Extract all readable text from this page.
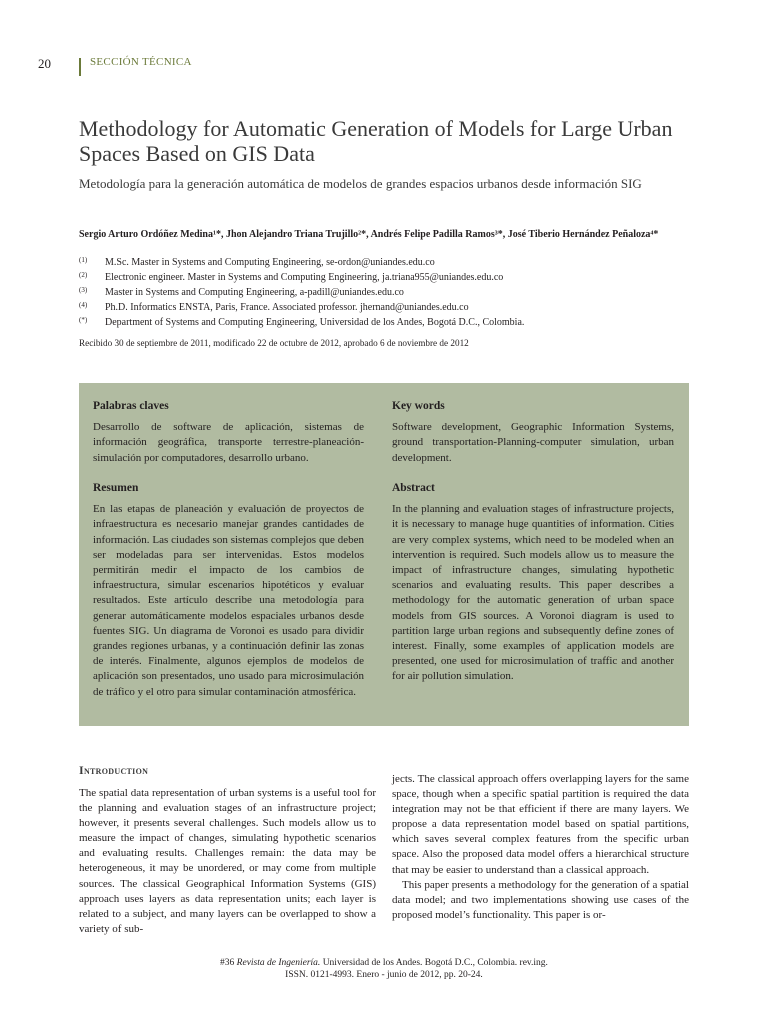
20	SECCIÓN TÉCNICA
Methodology for Automatic Generation of Models for Large Urban Spaces Based on GIS Data

Metodología para la generación automática de modelos de grandes espacios urbanos desde información SIG

Sergio Arturo Ordóñez Medina¹*, Jhon Alejandro Triana Trujillo²*, Andrés Felipe Padilla Ramos³*, José Tiberio Hernández Peñaloza⁴*

(1)	M.Sc. Master in Systems and Computing Engineering, se-ordon@uniandes.edu.co
(2)	Electronic engineer. Master in Systems and Computing Engineering, ja.triana955@uniandes.edu.co
(3)	Master in Systems and Computing Engineering, a-padill@uniandes.edu.co
(4)	Ph.D. Informatics ENSTA, Paris, France. Associated professor. jhernand@uniandes.edu.co
(*)	Department of Systems and Computing Engineering, Universidad de los Andes, Bogotá D.C., Colombia.
Recibido 30 de septiembre de 2011, modificado 22 de octubre de 2012, aprobado 6 de noviembre de 2012
Palabras claves

Desarrollo de software de aplicación, sistemas de información geográfica, transporte terrestre-planeación-simulación por computadores, desarrollo urbano.

Key words

Software development, Geographic Information Systems, ground transportation-Planning-computer simulation, urban development.

Resumen

En las etapas de planeación y evaluación de proyectos de infraestructura es necesario manejar grandes cantidades de información. Las ciudades son sistemas complejos que deben ser modeladas para ser intervenidas. Estos modelos permitirán medir el impacto de los cambios de infraestructura, simular escenarios hipotéticos y evaluar resultados. Este artículo describe una metodología para generar automáticamente modelos espaciales urbanos desde fuentes SIG. Un diagrama de Voronoi es usado para dividir grandes regiones urbanas, y a continuación definir las zonas de interés. Finalmente, algunos ejemplos de modelos de aplicación son presentados, uno usado para microsimulación de tráfico y el otro para simular contaminación atmosférica.

Abstract

In the planning and evaluation stages of infrastructure projects, it is necessary to manage huge quantities of information. Cities are very complex systems, which need to be modeled when an intervention is required. Such models allow us to measure the impact of infrastructure changes, simulating hypothetic scenarios and evaluating results. This paper describes a methodology for the automatic generation of urban space models from GIS sources. A Voronoi diagram is used to partition large urban regions and subsequently define zones of interest. Finally, some examples of application models are presented, one used for microsimulation of traffic and another for air pollution simulation.

Introduction

The spatial data representation of urban systems is a useful tool for the planning and evaluation stages of an infrastructure project; however, it presents several challenges. Such models allow us to measure the impact of changes, simulating hypothetic scenarios and evaluating results. Challenges remain: the data may be heterogeneous, it may be unordered, or may come from multiple sources. The classical Geographical Information Systems (GIS) approach uses layers as data representation units; each layer is related to a subject, and many layers can be overlapped to show a variety of sub-

jects. The classical approach offers overlapping layers for the same space, though when a specific spatial partition is required the data integration may not be that efficient if there are many layers. We propose a data representation model based on spatial partitions, which saves several complex features from the specific urban space. Also the proposed data model offers a hierarchical structure that may be easier to understand than a classical approach.

This paper presents a methodology for the generation of a spatial data model; and two implementations showing use cases of the proposed model’s functionality. This paper is or-

#36 Revista de Ingeniería. Universidad de los Andes. Bogotá D.C., Colombia. rev.ing.
ISSN. 0121-4993. Enero - junio de 2012, pp. 20-24.
